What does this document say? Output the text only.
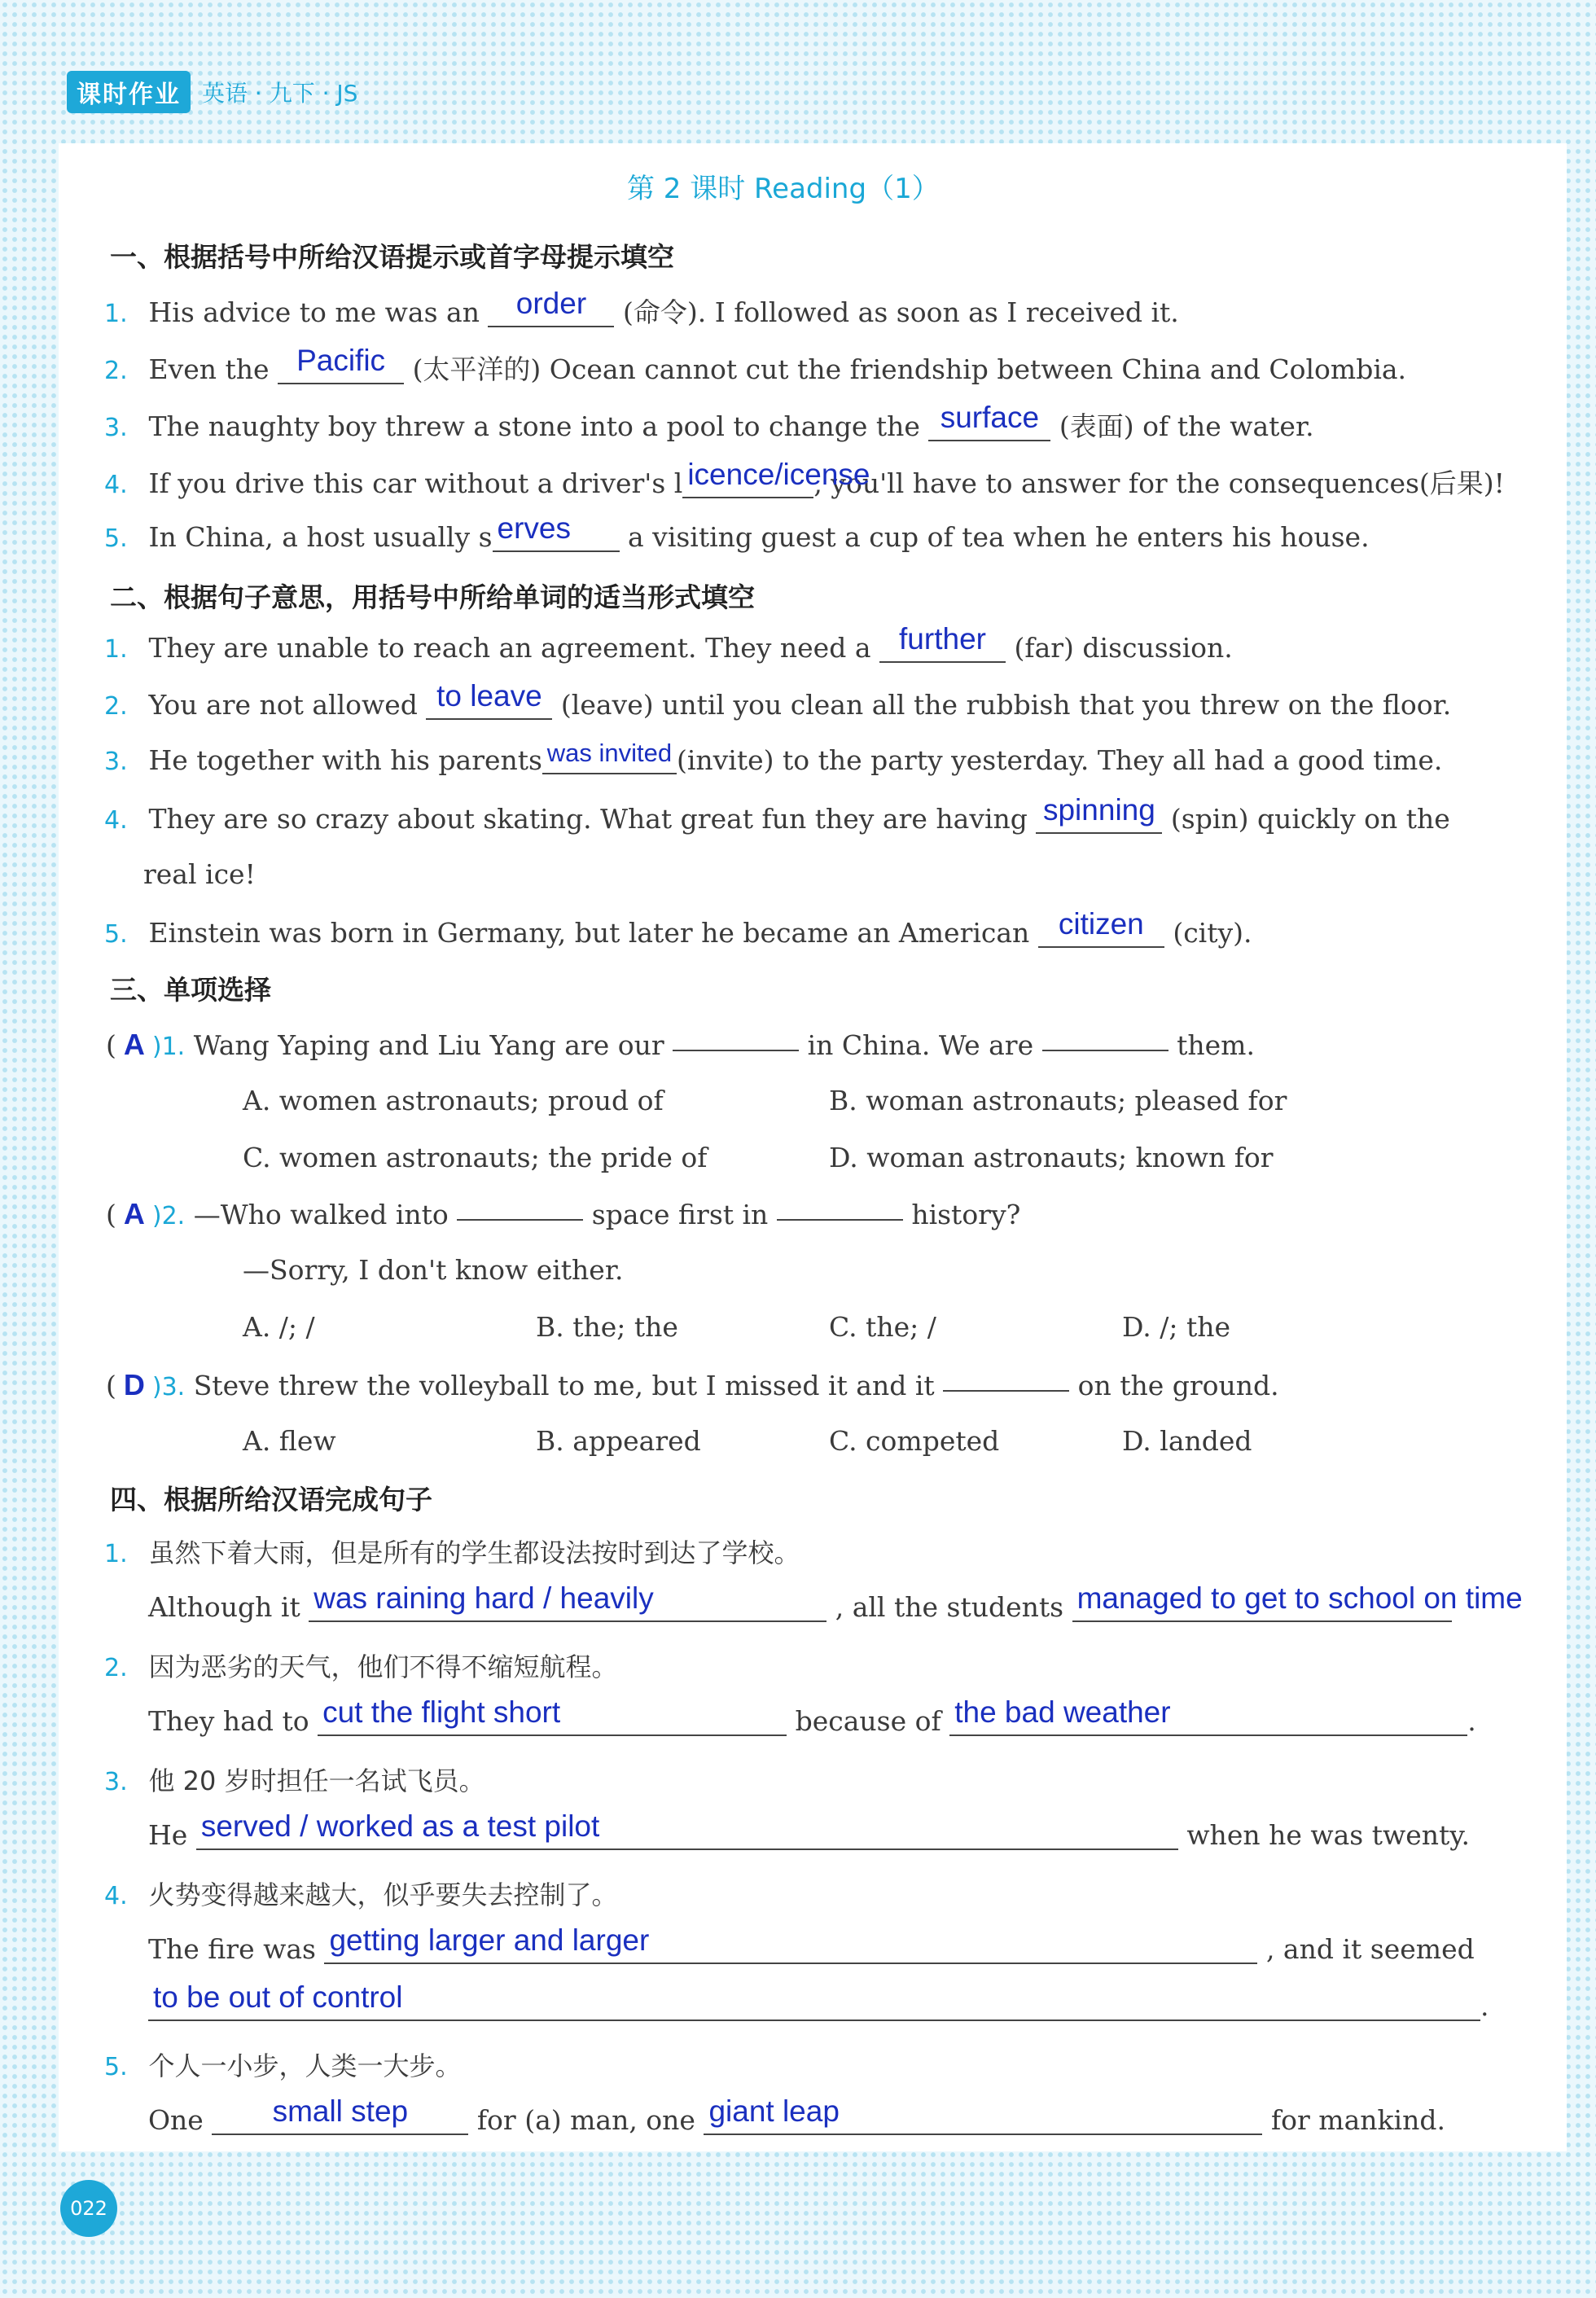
课时作业 英语 · 九下 · JS
第 2 课时 Reading（1）
一、根据括号中所给汉语提示或首字母提示填空
1. His advice to me was an order (命令). I followed as soon as I received it.
2. Even the Pacific (太平洋的) Ocean cannot cut the friendship between China and Colombia.
3. The naughty boy threw a stone into a pool to change the surface (表面) of the water.
4. If you drive this car without a driver's l icence/icense, you'll have to answer for the consequences(后果)!
5. In China, a host usually s erves a visiting guest a cup of tea when he enters his house.
二、根据句子意思，用括号中所给单词的适当形式填空
1. They are unable to reach an agreement. They need a further (far) discussion.
2. You are not allowed to leave (leave) until you clean all the rubbish that you threw on the floor.
3. He together with his parents was invited (invite) to the party yesterday. They all had a good time.
4. They are so crazy about skating. What great fun they are having spinning (spin) quickly on the
real ice!
5. Einstein was born in Germany, but later he became an American citizen (city).
三、单项选择
( A )1. Wang Yaping and Liu Yang are our	in China. We are	them.
A. women astronauts; proud of	B. woman astronauts; pleased for
C. women astronauts; the pride of	D. woman astronauts; known for
( A )2. —Who walked into	space first in	history?
—Sorry, I don't know either.
A. /; /	B. the; the	C. the; /	D. /; the
( D )3. Steve threw the volleyball to me, but I missed it and it	on the ground.
A. flew	B. appeared	C. competed	D. landed
四、根据所给汉语完成句子
1. 虽然下着大雨，但是所有的学生都设法按时到达了学校。
Although it was raining hard / heavily	, all the students managed to get to school on time
2. 因为恶劣的天气，他们不得不缩短航程。
They had to cut the flight short	because of the bad weather	.
3. 他 20 岁时担任一名试飞员。
He served / worked as a test pilot	when he was twenty.
4. 火势变得越来越大，似乎要失去控制了。
The fire was getting larger and larger	, and it seemed
to be out of control	.
5. 个人一小步，人类一大步。
One small step	for (a) man, one giant leap	for mankind.
022
